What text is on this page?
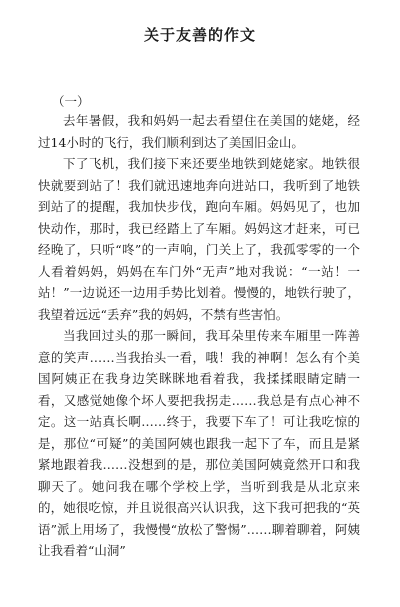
关于友善的作文

（一）

去年暑假，我和妈妈一起去看望住在美国的姥姥，经过14小时的飞行，我们顺利到达了美国旧金山。

下了飞机，我们接下来还要坐地铁到姥姥家。地铁很快就要到站了！我们就迅速地奔向进站口，我听到了地铁到站了的提醒，我加快步伐，跑向车厢。妈妈见了，也加快动作，那时，我已经踏上了车厢。妈妈这才赶来，可已经晚了，只听“咚”的一声响，门关上了，我孤零零的一个人看着妈妈，妈妈在车门外“无声”地对我说：“一站！一站！”一边说还一边用手势比划着。慢慢的，地铁行驶了，我望着远远“丢弃”我的妈妈，不禁有些害怕。

当我回过头的那一瞬间，我耳朵里传来车厢里一阵善意的笑声……当我抬头一看，哦！我的神啊！怎么有个美国阿姨正在我身边笑眯眯地看着我，我揉揉眼睛定睛一看，又感觉她像个坏人要把我拐走……我总是有点心神不定。这一站真长啊……终于，我要下车了！可让我吃惊的是，那位“可疑”的美国阿姨也跟我一起下了车，而且是紧紧地跟着我……没想到的是，那位美国阿姨竟然开口和我聊天了。她问我在哪个学校上学，当听到我是从北京来的，她很吃惊，并且说很高兴认识我，这下我可把我的“英语”派上用场了，我慢慢“放松了警惕”……聊着聊着，阿姨让我看着“山洞”
